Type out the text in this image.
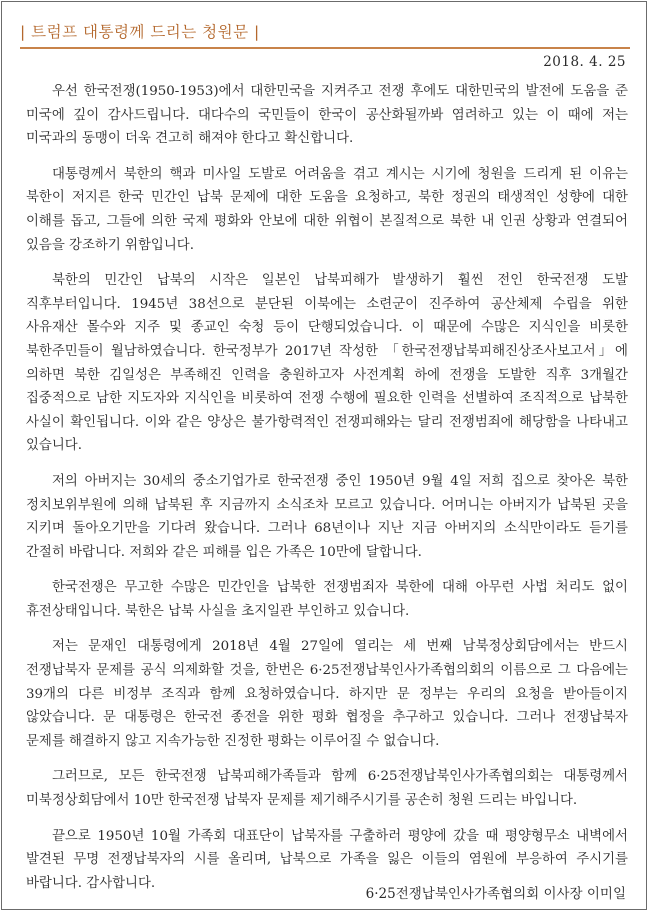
| 트럼프 대통령께 드리는 청원문 |
2018. 4. 25

우선 한국전쟁(1950-1953)에서 대한민국을 지켜주고 전쟁 후에도 대한민국의 발전에 도움을 준 미국에 깊이 감사드립니다. 대다수의 국민들이 한국이 공산화될까봐 염려하고 있는 이 때에 저는 미국과의 동맹이 더욱 견고히 해져야 한다고 확신합니다.

대통령께서 북한의 핵과 미사일 도발로 어려움을 겪고 계시는 시기에 청원을 드리게 된 이유는 북한이 저지른 한국 민간인 납북 문제에 대한 도움을 요청하고, 북한 정권의 태생적인 성향에 대한 이해를 돕고, 그들에 의한 국제 평화와 안보에 대한 위협이 본질적으로 북한 내 인권 상황과 연결되어 있음을 강조하기 위함입니다.

북한의 민간인 납북의 시작은 일본인 납북피해가 발생하기 훨씬 전인 한국전쟁 도발 직후부터입니다. 1945년 38선으로 분단된 이북에는 소련군이 진주하여 공산체제 수립을 위한 사유재산 몰수와 지주 및 종교인 숙청 등이 단행되었습니다. 이 때문에 수많은 지식인을 비롯한 북한주민들이 월남하였습니다. 한국정부가 2017년 작성한 「한국전쟁납북피해진상조사보고서」에 의하면 북한 김일성은 부족해진 인력을 충원하고자 사전계획 하에 전쟁을 도발한 직후 3개월간 집중적으로 남한 지도자와 지식인을 비롯하여 전쟁 수행에 필요한 인력을 선별하여 조직적으로 납북한 사실이 확인됩니다. 이와 같은 양상은 불가항력적인 전쟁피해와는 달리 전쟁범죄에 해당함을 나타내고 있습니다.

저의 아버지는 30세의 중소기업가로 한국전쟁 중인 1950년 9월 4일 저희 집으로 찾아온 북한 정치보위부원에 의해 납북된 후 지금까지 소식조차 모르고 있습니다. 어머니는 아버지가 납북된 곳을 지키며 돌아오기만을 기다려 왔습니다. 그러나 68년이나 지난 지금 아버지의 소식만이라도 듣기를 간절히 바랍니다. 저희와 같은 피해를 입은 가족은 10만에 달합니다.

한국전쟁은 무고한 수많은 민간인을 납북한 전쟁범죄자 북한에 대해 아무런 사법 처리도 없이 휴전상태입니다. 북한은 납북 사실을 초지일관 부인하고 있습니다.

저는 문재인 대통령에게 2018년 4월 27일에 열리는 세 번째 남북정상회담에서는 반드시 전쟁납북자 문제를 공식 의제화할 것을, 한번은 6·25전쟁납북인사가족협의회의 이름으로 그 다음에는 39개의 다른 비정부 조직과 함께 요청하였습니다. 하지만 문 정부는 우리의 요청을 받아들이지 않았습니다. 문 대통령은 한국전 종전을 위한 평화 협정을 추구하고 있습니다. 그러나 전쟁납북자 문제를 해결하지 않고 지속가능한 진정한 평화는 이루어질 수 없습니다.

그러므로, 모든 한국전쟁 납북피해가족들과 함께 6·25전쟁납북인사가족협의회는 대통령께서 미북정상회담에서 10만 한국전쟁 납북자 문제를 제기해주시기를 공손히 청원 드리는 바입니다.

끝으로 1950년 10월 가족회 대표단이 납북자를 구출하러 평양에 갔을 때 평양형무소 내벽에서 발견된 무명 전쟁납북자의 시를 올리며, 납북으로 가족을 잃은 이들의 염원에 부응하여 주시기를 바랍니다. 감사합니다.

6·25전쟁납북인사가족협의회 이사장 이미일
